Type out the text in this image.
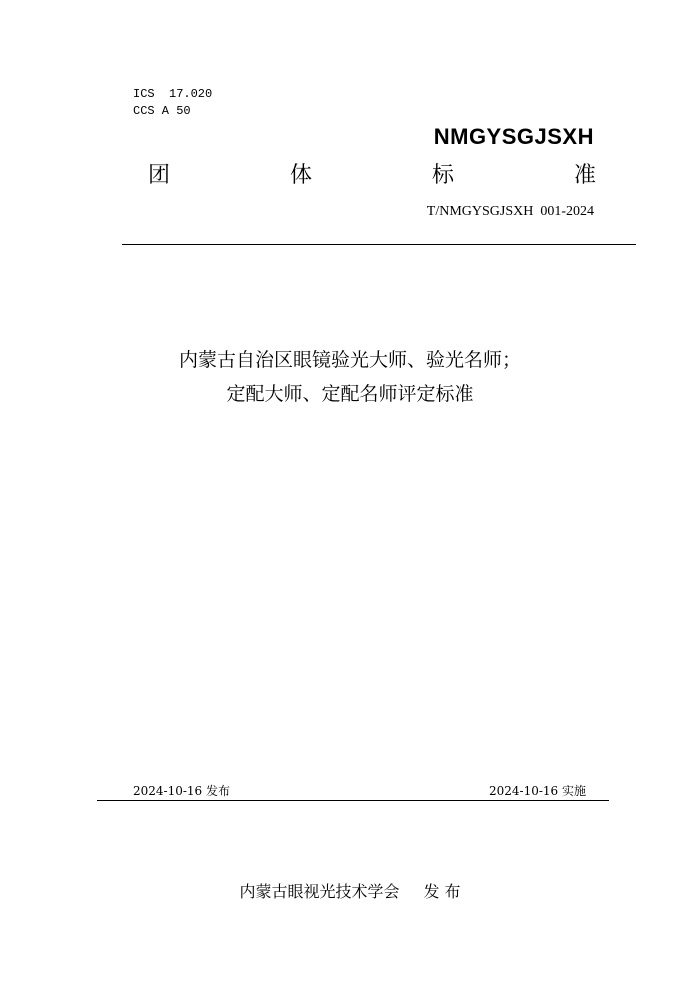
ICS  17.020
CCS A 50
NMGYSGJSXH
团	体	标	准
T/NMGYSGJSXH  001-2024
内蒙古自治区眼镜验光大师、验光名师；
定配大师、定配名师评定标准
2024-10-16 发布	2024-10-16 实施
内蒙古眼视光技术学会 发 布
